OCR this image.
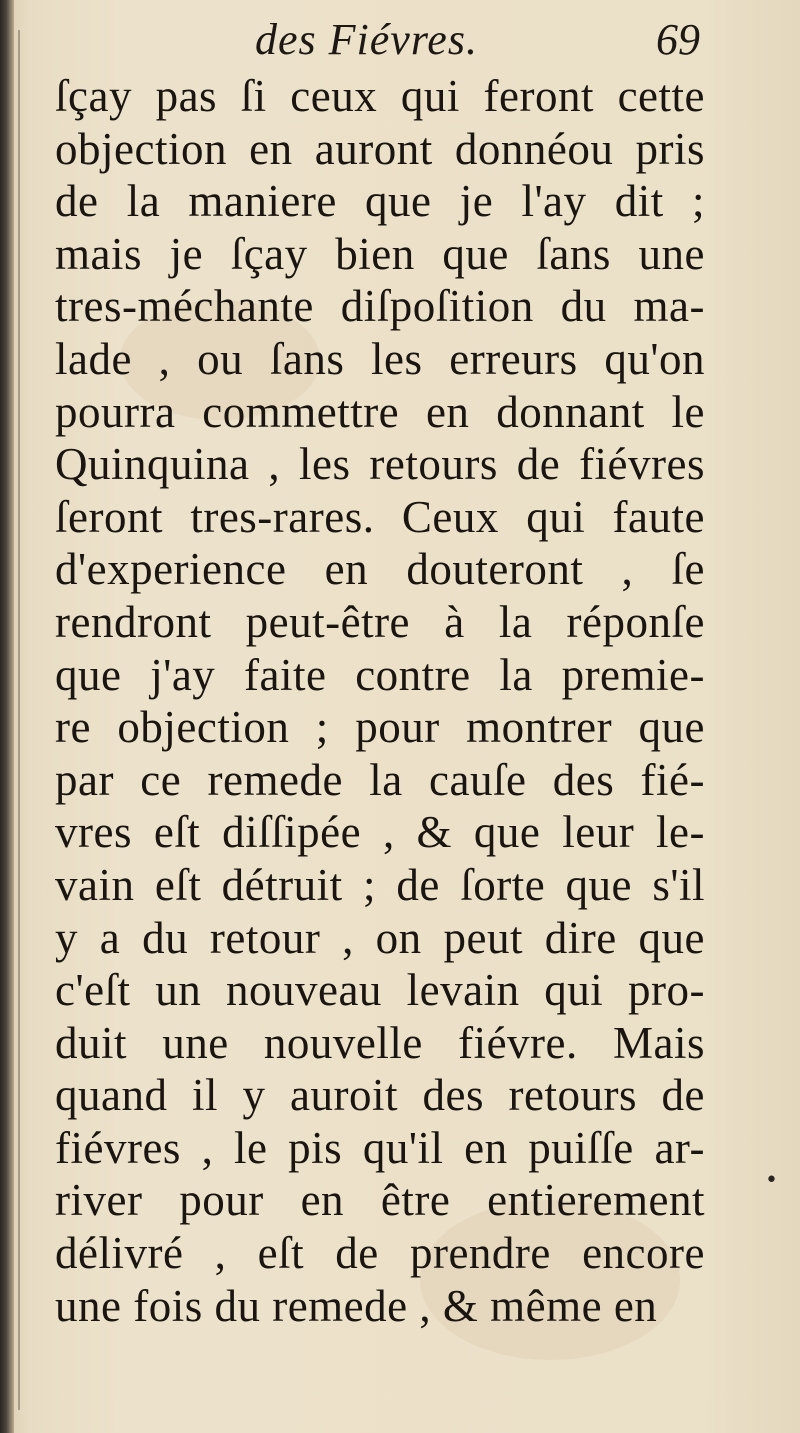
des Fiévres.	69
ſçay pas ſi ceux qui feront cette
objection en auront donnéou pris
de la maniere que je l'ay dit ;
mais je ſçay bien que ſans une
tres-méchante diſpoſition du ma-
lade , ou ſans les erreurs qu'on
pourra commettre en donnant le
Quinquina , les retours de fiévres
ſeront tres-rares. Ceux qui faute
d'experience en douteront , ſe
rendront peut-être à la réponſe
que j'ay faite contre la premie-
re objection ; pour montrer que
par ce remede la cauſe des fié-
vres eſt diſſipée , & que leur le-
vain eſt détruit ; de ſorte que s'il
y a du retour , on peut dire que
c'eſt un nouveau levain qui pro-
duit une nouvelle fiévre. Mais
quand il y auroit des retours de
fiévres , le pis qu'il en puiſſe ar-
river pour en être entierement
délivré , eſt de prendre encore
une fois du remede , & même en
•
